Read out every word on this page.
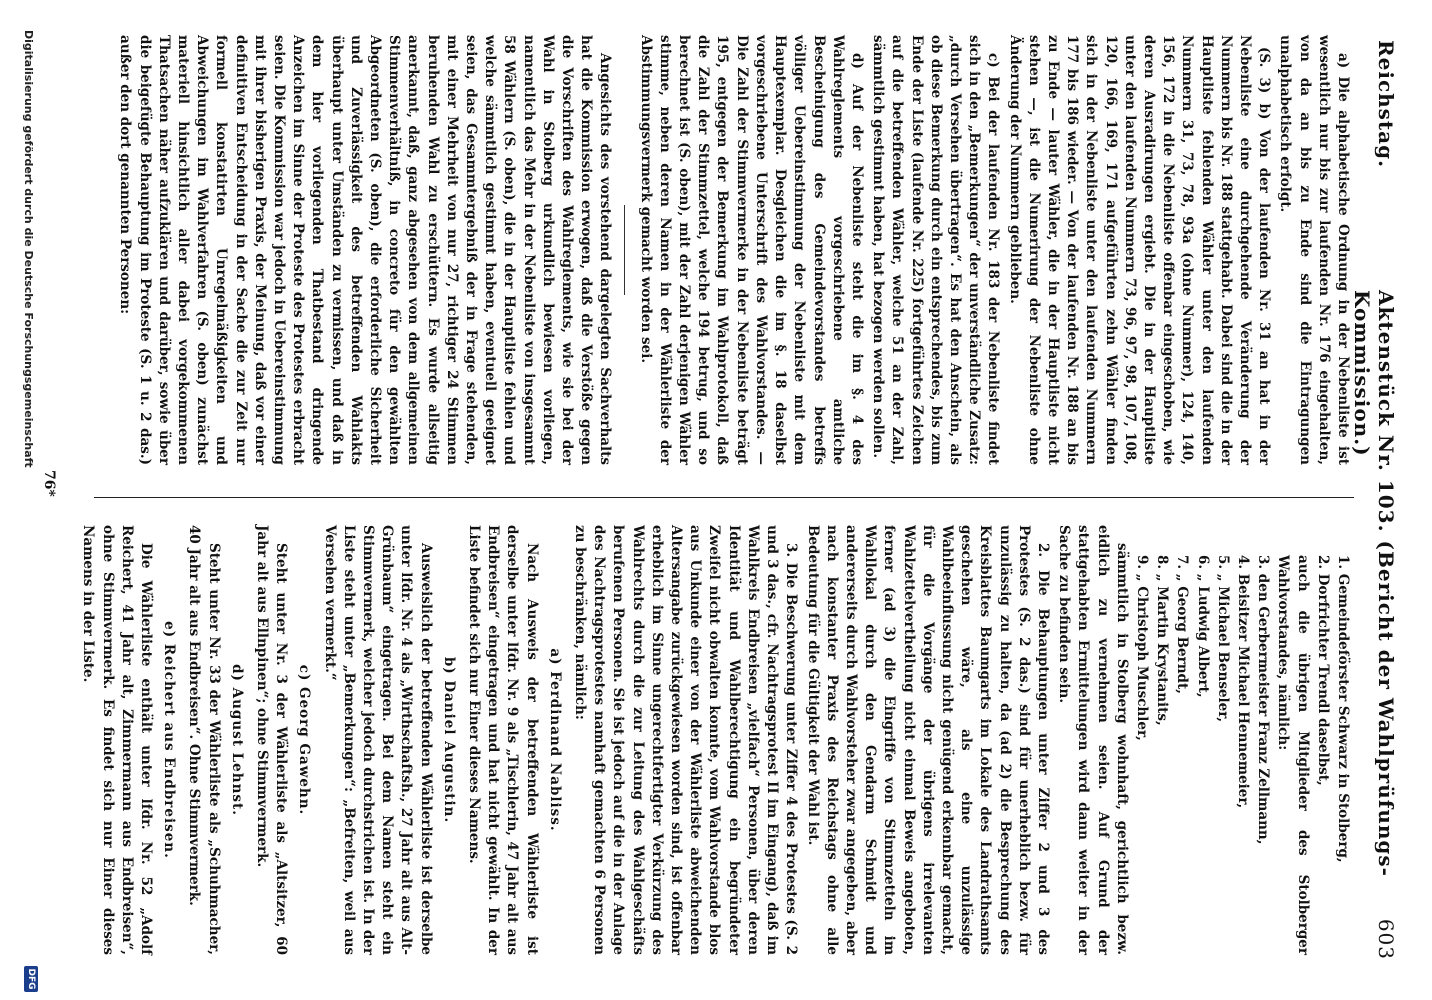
Reichstag.
Aktenstück Nr. 103. (Bericht der Wahlprüfungs-Kommission.)
603

a) Die alphabetische Ordnung in der Nebenliste ist wesentlich nur bis zur laufenden Nr. 176 eingehalten, von da an bis zu Ende sind die Eintragungen unalphabetisch erfolgt.

(S. 3) b) Von der laufenden Nr. 31 an hat in der Nebenliste eine durchgehende Veränderung der Nummern bis Nr. 188 stattgehabt. Dabei sind die in der Hauptliste fehlenden Wähler unter den laufenden Nummern 31, 73, 78, 93a (ohne Nummer), 124, 140, 156, 172 in die Nebenliste offenbar eingeschoben, wie deren Ausradirungen ergiebt. Die in der Hauptliste unter den laufenden Nummern 73, 96, 97, 98, 107, 108, 120, 166, 169, 171 aufgeführten zehn Wähler finden sich in der Nebenliste unter den laufenden Nummern 177 bis 186 wieder. — Von der laufenden Nr. 188 an bis zu Ende — lauter Wähler, die in der Hauptliste nicht stehen —, ist die Numerirung der Nebenliste ohne Änderung der Nummern geblieben.

c) Bei der laufenden Nr. 183 der Nebenliste findet sich in den „Bemerkungen“ der unverständliche Zusatz: „durch Versehen übertragen“. Es hat den Anschein, als ob diese Bemerkung durch ein entsprechendes, bis zum Ende der Liste (laufende Nr. 225) fortgeführtes Zeichen auf die betreffenden Wähler, welche 51 an der Zahl, sämmtlich gestimmt haben, hat bezogen werden sollen.

d) Auf der Nebenliste steht die im §. 4 des Wahlreglements vorgeschriebene amtliche Bescheinigung des Gemeindevorstandes betreffs völliger Uebereinstimmung der Nebenliste mit dem Hauptexemplar. Desgleichen die im §. 18 daselbst vorgeschriebene Unterschrift des Wahlvorstandes. — Die Zahl der Stimmvermerke in der Nebenliste beträgt 195, entgegen der Bemerkung im Wahlprotokoll, daß die Zahl der Stimmzettel, welche 194 betrug, und so berechnet ist (S. oben), mit der Zahl derjenigen Wähler stimme, neben deren Namen in der Wählerliste der Abstimmungsvermerk gemacht worden sei.

Angesichts des vorstehend dargelegten Sachverhalts hat die Kommission erwogen, daß die Verstöße gegen die Vorschriften des Wahlreglements, wie sie bei der Wahl in Stolberg urkundlich bewiesen vorliegen, namentlich das Mehr in der Nebenliste von insgesammt 58 Wählern (S. oben), die in der Hauptliste fehlen und welche sämmtlich gestimmt haben, eventuell geeignet seien, das Gesammtergebniß der in Frage stehenden, mit einer Mehrheit von nur 27, richtiger 24 Stimmen beruhenden Wahl zu erschüttern. Es wurde allseitig anerkannt, daß, ganz abgesehen von dem allgemeinen Stimmenverhältniß, in concreto für den gewählten Abgeordneten (S. oben), die erforderliche Sicherheit und Zuverlässigkeit des betreffenden Wahlakts überhaupt unter Umständen zu vermissen, und daß in dem hier vorliegenden Thatbestand dringende Anzeichen im Sinne der Proteste des Protestes erbracht seien. Die Kommission war jedoch in Uebereinstimmung mit ihrer bisherigen Praxis, der Meinung, daß vor einer definitiven Entscheidung in der Sache die zur Zeit nur formell konstatirten Unregelmäßigkeiten und Abweichungen im Wahlverfahren (S. oben) zunächst materiell hinsichtlich aller dabei vorgekommenen Thatsachen näher aufzuklären und darüber, sowie über die beigefügte Behauptung im Proteste (S. 1 u. 2 das.) außer den dort genannten Personen:

1. Gemeindeförster Schwarz in Stolberg,
2. Dorfrichter Trendl daselbst,
auch die übrigen Mitglieder des Stolberger Wahlvorstandes, nämlich:
3. den Gerbermeister Franz Zellmann,
4. Beisitzer Michael Hennemeier,
5. „ Michael Benseler,
6. „ Ludwig Albert,
7. „ Georg Berndt,
8. „ Martin Krystanits,
9. „ Christoph Muschler,

sämmtlich in Stolberg wohnhaft, gerichtlich bezw. eidlich zu vernehmen seien. Auf Grund der stattgehabten Ermittelungen wird dann weiter in der Sache zu befinden sein.

2. Die Behauptungen unter Ziffer 2 und 3 des Protestes (S. 2 das.) sind für unerheblich bezw. für unzulässig zu halten, da (ad 2) die Besprechung des Kreisblattes Baumgarts im Lokale des Landrathsamts geschehen wäre, als eine unzulässige Wahlbeeinflussung nicht genügend erkennbar gemacht, für die Vorgänge der übrigens irrelevanten Wahlzettelvertheilung nicht einmal Beweis angeboten, ferner (ad 3) die Eingriffe von Stimmzetteln im Wahllokal durch den Gendarm Schmidt und andererseits durch Wahlvorsteher zwar angegeben, aber nach konstanter Praxis des Reichstags ohne alle Bedeutung für die Gültigkeit der Wahl ist.

3. Die Beschwerung unter Ziffer 4 des Protestes (S. 2 und 3 das., cfr. Nachtragsprotest II im Eingang), daß im Wahlkreis Endbreisen „vielfach“ Personen, über deren Identität und Wahlberechtigung ein begründeter Zweifel nicht obwalten konnte, vom Wahlvorstande blos aus Unkunde einer von der Wählerliste abweichenden Altersangabe zurückgewiesen worden sind, ist offenbar erheblich im Sinne ungerechtfertigter Verkürzung des Wahlrechts durch die zur Leitung des Wahlgeschäfts berufenen Personen. Sie ist jedoch auf die in der Anlage des Nachtragsprotestes namhaft gemachten 6 Personen zu beschränken, nämlich:

a) Ferdinand Nabliss.

Nach Ausweis der betreffenden Wählerliste ist derselbe unter lfdr. Nr. 9 als „Tischlerin, 47 Jahr alt aus Endbreisen“ eingetragen und hat nicht gewählt. In der Liste befindet sich nur Einer dieses Namens.

b) Daniel Augustin.

Ausweislich der betreffenden Wählerliste ist derselbe unter lfdr. Nr. 4 als „Wirthschaftsh., 27 Jahr alt aus Alt-Grünbaum“ eingetragen. Bei dem Namen steht ein Stimmvermerk, welcher jedoch durchstrichen ist. In der Liste steht unter „Bemerkungen“: „Befreiten, weil aus Versehen vermerkt.“

c) Georg Gawehn.

Steht unter Nr. 3 der Wählerliste als „Altsitzer, 60 Jahr alt aus Ellnpinen“; ohne Stimmvermerk.

d) August Lehnst.

Steht unter Nr. 33 der Wählerliste als „Schuhmacher, 40 Jahr alt aus Endbreisen“. Ohne Stimmvermerk.

e) Reichert aus Endbreisen.

Die Wählerliste enthält unter lfdr. Nr. 52 „Adolf Reichert, 41 Jahr alt, Zimmermann aus Endbreisen“, ohne Stimmvermerk. Es findet sich nur Einer dieses Namens in der Liste.

76*
Digitalisierung gefördert durch die Deutsche Forschungsgemeinschaft
DFG
